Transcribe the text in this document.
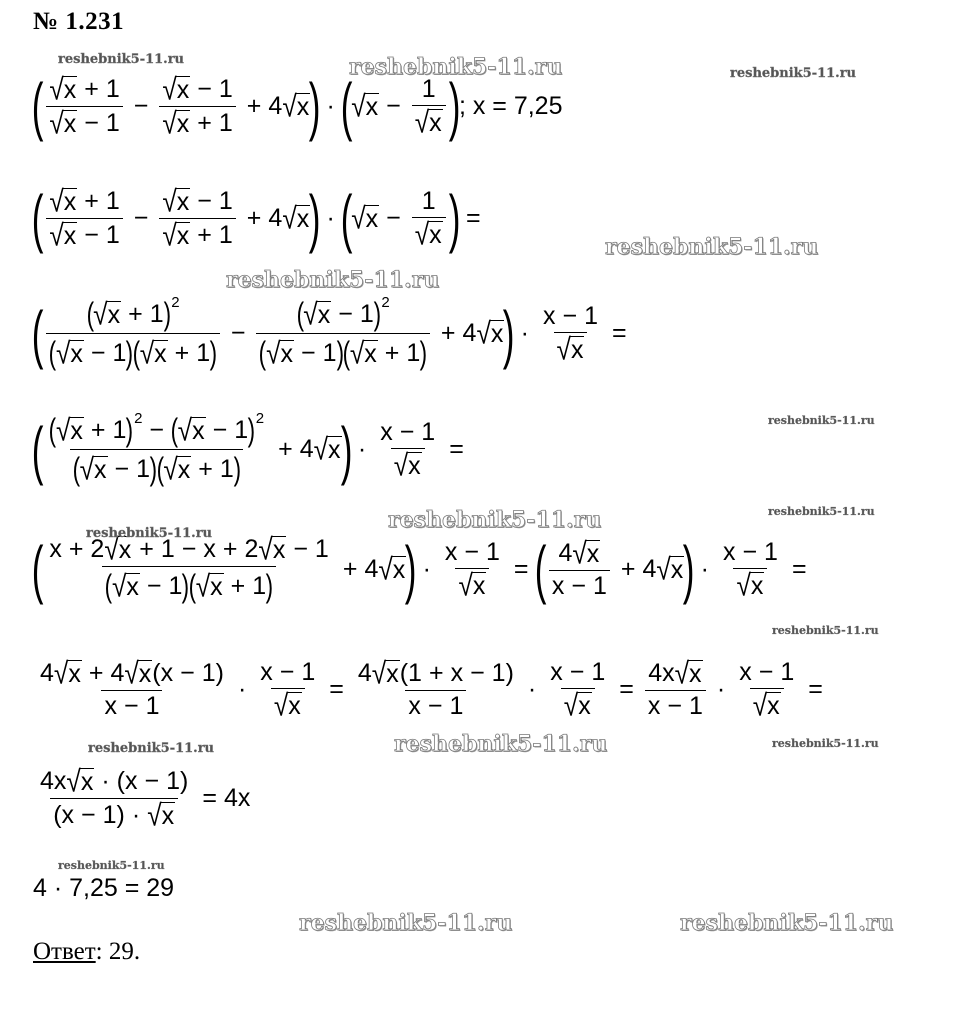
№ 1.231
( $\frac{√ x + 1}{√ x - 1} - \frac{√ x - 1}{√ x + 1} + 4$ √ x ) · (
√ $x - \frac{1}{√ x}$ )
; x = 7,25
( $\frac{√ x + 1}{√ x - 1} - \frac{√ x - 1}{√ x + 1} + 4$ √ x ) · (
√ $x - \frac{1}{√ x}$ ) =
( $\frac{( √ x + 1 ) 2}{( √ x - 1 ) ( √ x + 1 )} - \frac{( √ x - 1 ) 2}{( √ x - 1 ) ( √ x + 1 )} + 4$ √ x ) · $\frac{x - 1}{√ x}$ =
( $\frac{( √ x + 1 ) 2 - ( √ x - 1 ) 2}{( √ x - 1 ) ( √ x + 1 )} + 4$ √ x ) · $\frac{x - 1}{√ x}$ =
( $\frac{x + 2 √ x + 1 - x + 2 √ x - 1}{( √ x - 1 ) ( √ x + 1 )} + 4$ √ x ) · $\frac{x - 1}{√ x}$ = ( $\frac{4 √ x}{x - 1} + 4$ √ x ) · $\frac{x - 1}{√ x}$ =
$\frac{4 √ x + 4 √ x ( x - 1 )}{x - 1} \cdot \frac{x - 1}{√ x} = \frac{4 √ x ( 1 + x - 1 )}{x - 1} \cdot \frac{x - 1}{√ x} = \frac{4x √ x}{x - 1} \cdot \frac{x - 1}{√ x}$ =
$\frac{4x √ x \cdot ( x - 1 )}{( x - 1 ) \cdot √ x} = 4x$
4 · 7,25 = 29
Ответ: 29.
reshebnik5-11.ru	reshebnik5-11.ru	reshebnik5-11.ru
reshebnik5-11.ru
reshebnik5-11.ru
reshebnik5-11.ru
reshebnik5-11.ru
reshebnik5-11.ru
reshebnik5-11.ru
reshebnik5-11.ru
reshebnik5-11.ru
reshebnik5-11.ru	reshebnik5-11.ru
reshebnik5-11.ru
reshebnik5-11.ru	reshebnik5-11.ru
